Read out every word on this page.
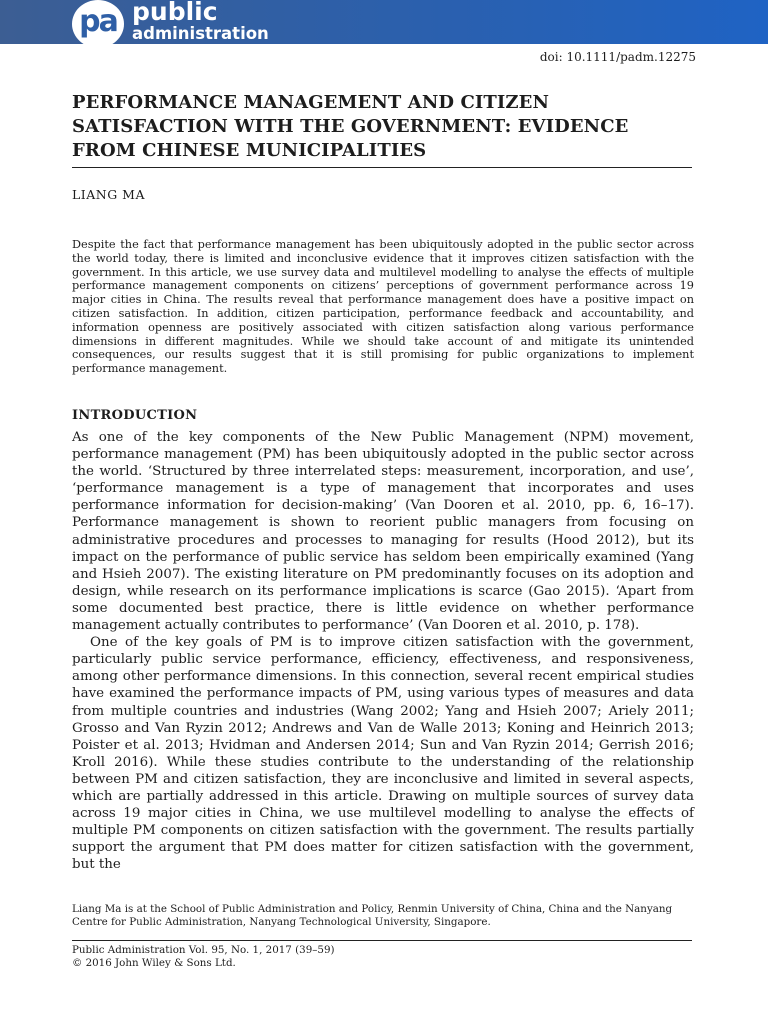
pa public
administration
doi: 10.1111/padm.12275
PERFORMANCE MANAGEMENT AND CITIZEN
SATISFACTION WITH THE GOVERNMENT: EVIDENCE
FROM CHINESE MUNICIPALITIES
LIANG MA
Despite the fact that performance management has been ubiquitously adopted in the public sector across the world today, there is limited and inconclusive evidence that it improves citizen satisfaction with the government. In this article, we use survey data and multilevel modelling to analyse the effects of multiple performance management components on citizens’ perceptions of government performance across 19 major cities in China. The results reveal that performance management does have a positive impact on citizen satisfaction. In addition, citizen participation, performance feedback and accountability, and information openness are positively associated with citizen satisfaction along various performance dimensions in different magnitudes. While we should take account of and mitigate its unintended consequences, our results suggest that it is still promising for public organizations to implement performance management.
INTRODUCTION

As one of the key components of the New Public Management (NPM) movement, performance management (PM) has been ubiquitously adopted in the public sector across the world. ‘Structured by three interrelated steps: measurement, incorporation, and use’, ‘performance management is a type of management that incorporates and uses performance information for decision-making’ (Van Dooren et al. 2010, pp. 6, 16–17). Performance management is shown to reorient public managers from focusing on administrative procedures and processes to managing for results (Hood 2012), but its impact on the performance of public service has seldom been empirically examined (Yang and Hsieh 2007). The existing literature on PM predominantly focuses on its adoption and design, while research on its performance implications is scarce (Gao 2015). ‘Apart from some documented best practice, there is little evidence on whether performance management actually contributes to performance’ (Van Dooren et al. 2010, p. 178).

One of the key goals of PM is to improve citizen satisfaction with the government, particularly public service performance, efficiency, effectiveness, and responsiveness, among other performance dimensions. In this connection, several recent empirical studies have examined the performance impacts of PM, using various types of measures and data from multiple countries and industries (Wang 2002; Yang and Hsieh 2007; Ariely 2011; Grosso and Van Ryzin 2012; Andrews and Van de Walle 2013; Koning and Heinrich 2013; Poister et al. 2013; Hvidman and Andersen 2014; Sun and Van Ryzin 2014; Gerrish 2016; Kroll 2016). While these studies contribute to the understanding of the relationship between PM and citizen satisfaction, they are inconclusive and limited in several aspects, which are partially addressed in this article. Drawing on multiple sources of survey data across 19 major cities in China, we use multilevel modelling to analyse the effects of multiple PM components on citizen satisfaction with the government. The results partially support the argument that PM does matter for citizen satisfaction with the government, but the

Liang Ma is at the School of Public Administration and Policy, Renmin University of China, China and the Nanyang Centre for Public Administration, Nanyang Technological University, Singapore.
Public Administration Vol. 95, No. 1, 2017 (39–59)
© 2016 John Wiley & Sons Ltd.
